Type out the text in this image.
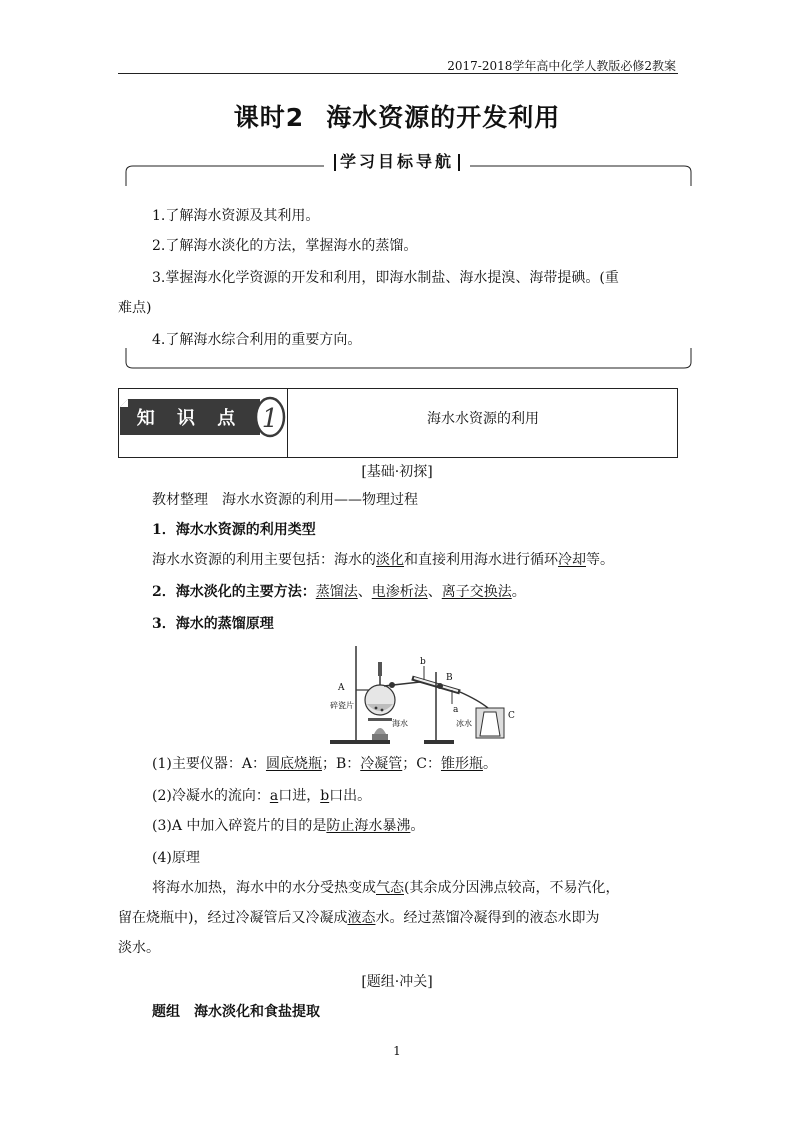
2017-2018学年高中化学人教版必修2教案
课时2 海水资源的开发利用
学习目标导航
1.了解海水资源及其利用。
2.了解海水淡化的方法，掌握海水的蒸馏。
3.掌握海水化学资源的开发和利用，即海水制盐、海水提溴、海带提碘。(重
难点)
4.了解海水综合利用的重要方向。
知 识 点 1	海水水资源的利用
[基础·初探]
教材整理　海水水资源的利用——物理过程
1．海水水资源的利用类型
海水水资源的利用主要包括：海水的淡化和直接利用海水进行循环冷却等。
2．海水淡化的主要方法：蒸馏法、电渗析法、离子交换法。
3．海水的蒸馏原理
A
B
C
b
a
碎瓷片
海水	冰水
(1)主要仪器：A：圆底烧瓶；B：冷凝管；C：锥形瓶。
(2)冷凝水的流向：a口进，b口出。
(3)A 中加入碎瓷片的目的是防止海水暴沸。
(4)原理
将海水加热，海水中的水分受热变成气态(其余成分因沸点较高，不易汽化，
留在烧瓶中)，经过冷凝管后又冷凝成液态水。经过蒸馏冷凝得到的液态水即为
淡水。
[题组·冲关]
题组　海水淡化和食盐提取
1
